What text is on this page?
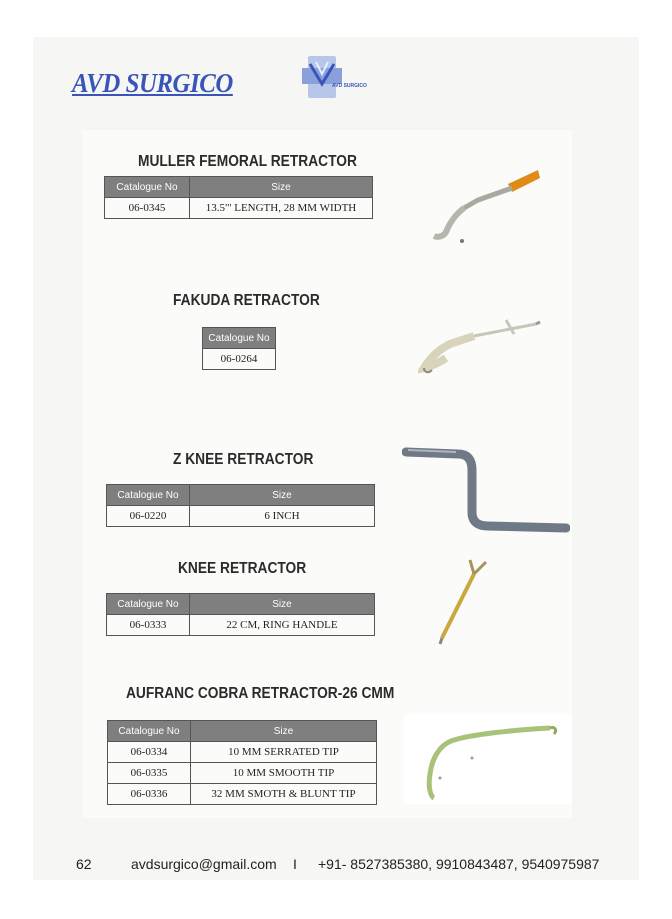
AVD SURGICO	AVD SURGICO
MULLER FEMORAL RETRACTOR
Catalogue No	Size
06-0345	13.5"' LENGTH, 28 MM WIDTH
FAKUDA RETRACTOR
Catalogue No
06-0264
Z KNEE RETRACTOR
Catalogue No	Size
06-0220	6 INCH
KNEE RETRACTOR
Catalogue No	Size
06-0333	22 CM, RING HANDLE
AUFRANC COBRA RETRACTOR-26 CMM
Catalogue No	Size
06-0334	10 MM SERRATED TIP
06-0335	10 MM SMOOTH TIP
06-0336	32 MM SMOTH & BLUNT TIP
62	avdsurgico@gmail.com I +91- 8527385380, 9910843487, 9540975987
